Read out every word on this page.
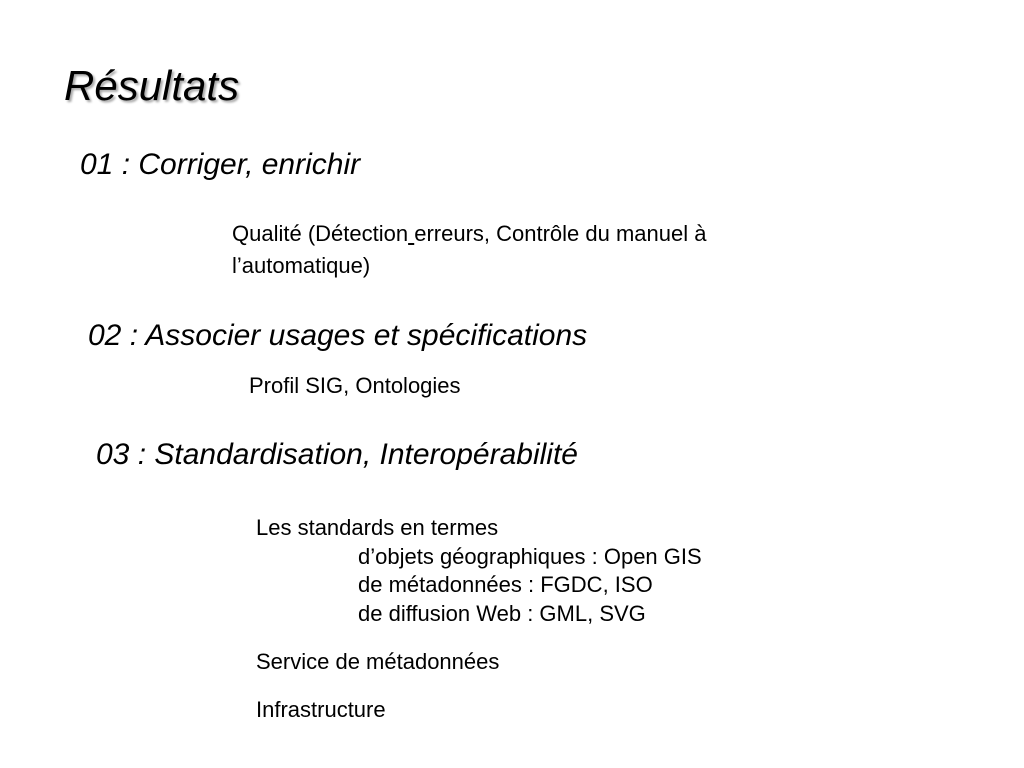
Résultats
01 : Corriger, enrichir
Qualité (Détection erreurs, Contrôle du manuel à
l’automatique)
02 : Associer usages et spécifications
Profil SIG, Ontologies
03 : Standardisation, Interopérabilité
Les standards en termes
d’objets géographiques : Open GIS
de métadonnées : FGDC, ISO
de diffusion Web : GML, SVG
Service de métadonnées
Infrastructure
